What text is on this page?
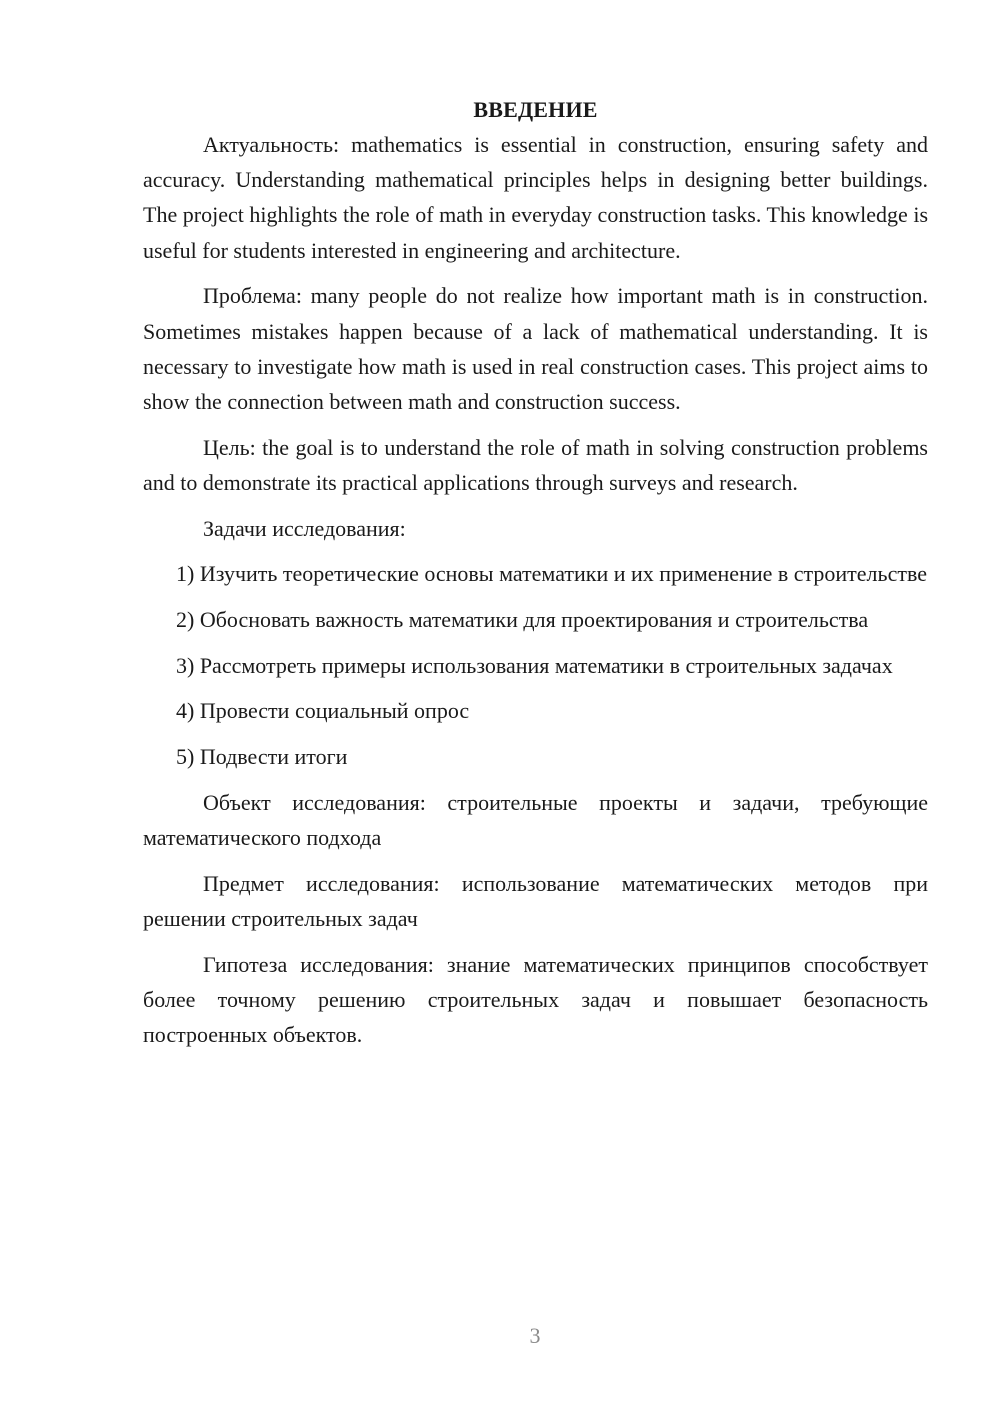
ВВЕДЕНИЕ

Актуальность: mathematics is essential in construction, ensuring safety and accuracy. Understanding mathematical principles helps in designing better buildings. The project highlights the role of math in everyday construction tasks. This knowledge is useful for students interested in engineering and architecture.

Проблема: many people do not realize how important math is in construction. Sometimes mistakes happen because of a lack of mathematical understanding. It is necessary to investigate how math is used in real construction cases. This project aims to show the connection between math and construction success.

Цель: the goal is to understand the role of math in solving construction problems and to demonstrate its practical applications through surveys and research.

Задачи исследования:

1) Изучить теоретические основы математики и их применение в строительстве

2) Обосновать важность математики для проектирования и строительства

3) Рассмотреть примеры использования математики в строительных задачах

4) Провести социальный опрос

5) Подвести итоги

Объект исследования: строительные проекты и задачи, требующие математического подхода

Предмет исследования: использование математических методов при решении строительных задач

Гипотеза исследования: знание математических принципов способствует более точному решению строительных задач и повышает безопасность построенных объектов.

3
